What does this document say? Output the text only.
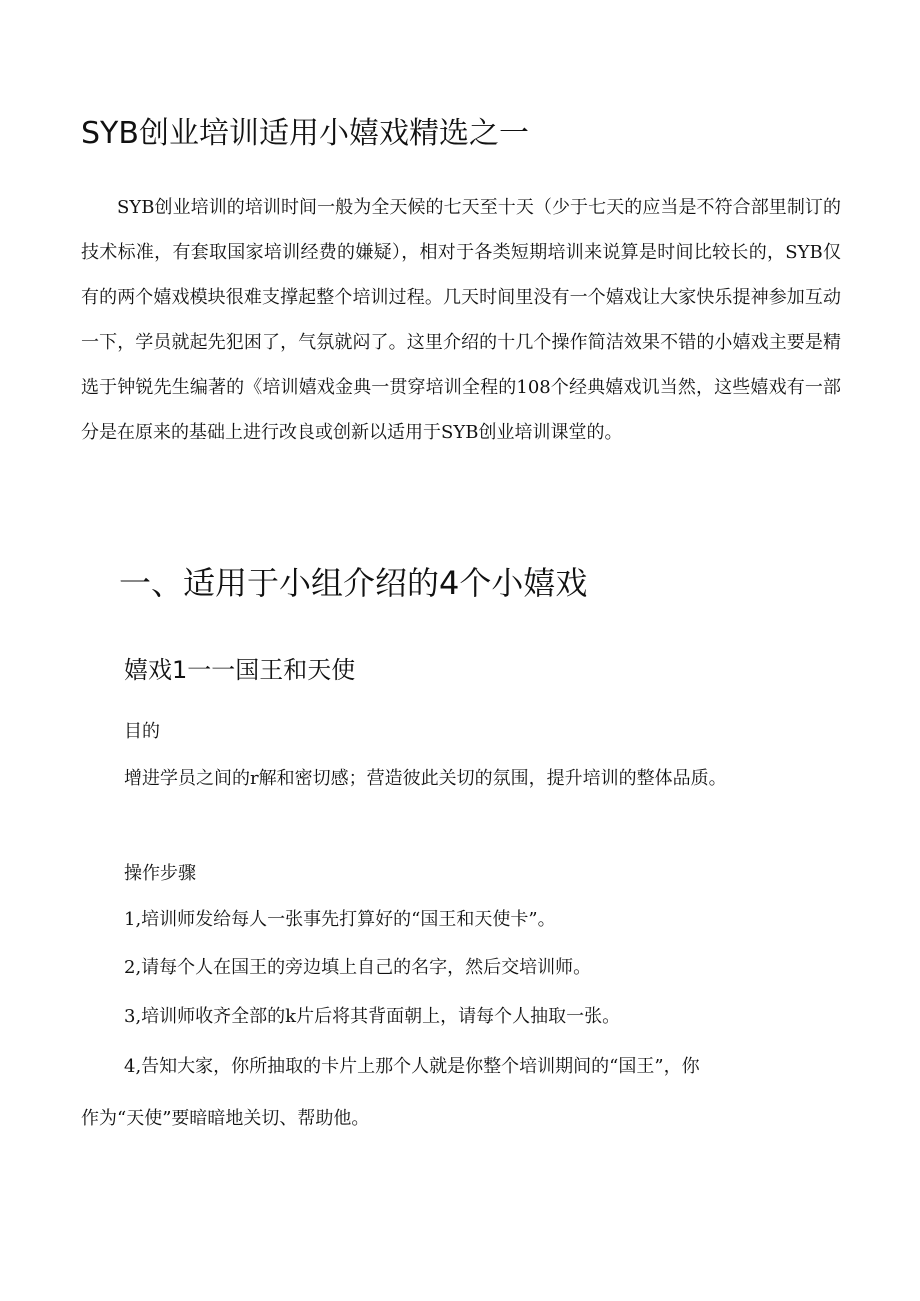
SYB创业培训适用小嬉戏精选之一

SYB创业培训的培训时间一般为全天候的七天至十天（少于七天的应当是不符合部里制订的技术标准，有套取国家培训经费的嫌疑），相对于各类短期培训来说算是时间比较长的，SYB仅有的两个嬉戏模块很难支撑起整个培训过程。几天时间里没有一个嬉戏让大家快乐提神参加互动一下，学员就起先犯困了，气氛就闷了。这里介绍的十几个操作简洁效果不错的小嬉戏主要是精选于钟锐先生编著的《培训嬉戏金典一贯穿培训全程的108个经典嬉戏讥当然，这些嬉戏有一部分是在原来的基础上进行改良或创新以适用于SYB创业培训课堂的。

一、适用于小组介绍的4个小嬉戏
嬉戏1一一国王和天使

目的

增进学员之间的r解和密切感；营造彼此关切的氛围，提升培训的整体品质。

操作步骤

1,培训师发给每人一张事先打算好的“国王和天使卡”。

2,请每个人在国王的旁边填上自己的名字，然后交培训师。

3,培训师收齐全部的k片后将其背面朝上，请每个人抽取一张。

4,告知大家，你所抽取的卡片上那个人就是你整个培训期间的“国王”，你

作为“天使”要暗暗地关切、帮助他。
